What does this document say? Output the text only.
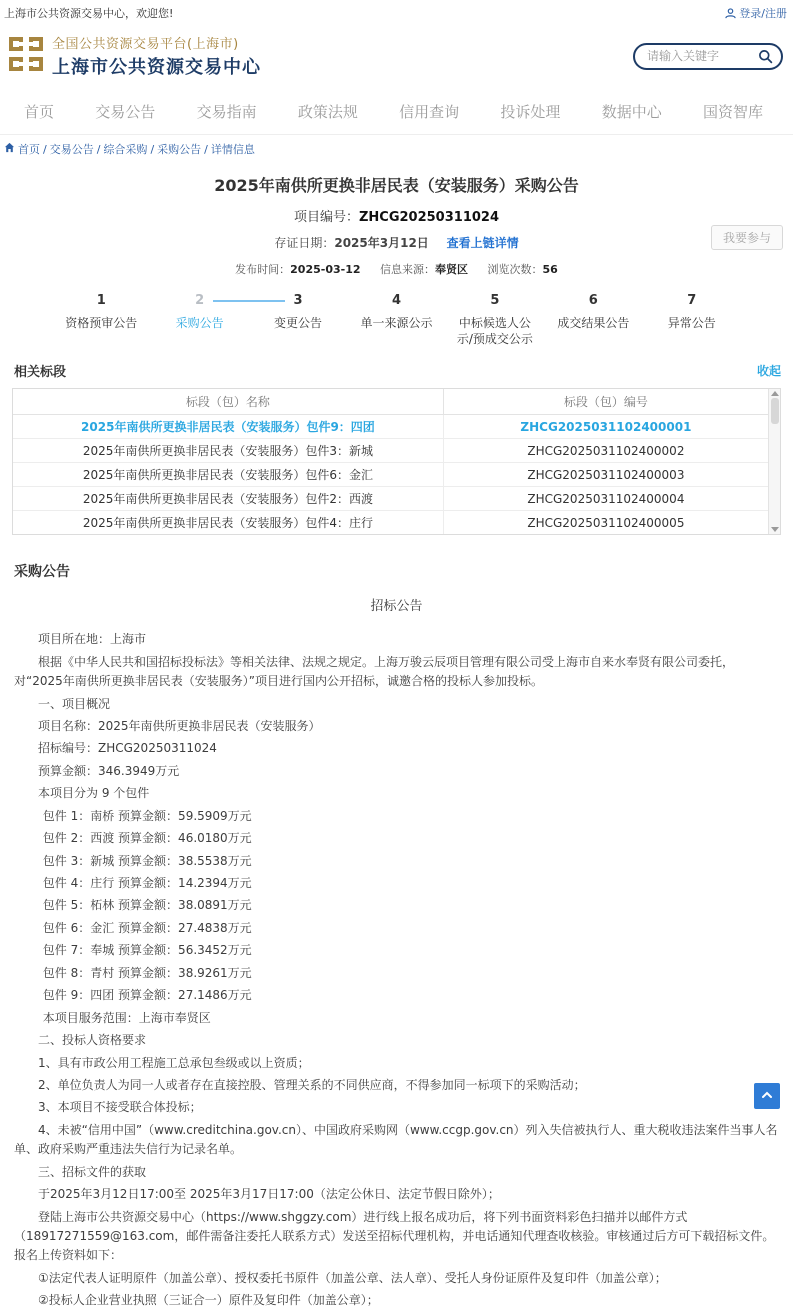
上海市公共资源交易中心，欢迎您!	登录/注册
全国公共资源交易平台(上海市)
上海市公共资源交易中心
请输入关键字
首页	交易公告	交易指南	政策法规	信用查询	投诉处理	数据中心	国资智库
首页 / 交易公告 / 综合采购 / 采购公告 / 详情信息
2025年南供所更换非居民表（安装服务）采购公告
项目编号：ZHCG20250311024
存证日期：2025年3月12日 查看上链详情
发布时间：2025-03-12 信息来源：奉贤区 浏览次数：56
我要参与
1
资格预审公告
2
采购公告
3
变更公告
4
单一来源公示
5
中标候选人公示/预成交公示
6
成交结果公告
7
异常公告
相关标段	收起
标段（包）名称	标段（包）编号
2025年南供所更换非居民表（安装服务）包件9：四团	ZHCG2025031102400001
2025年南供所更换非居民表（安装服务）包件3：新城	ZHCG2025031102400002
2025年南供所更换非居民表（安装服务）包件6：金汇	ZHCG2025031102400003
2025年南供所更换非居民表（安装服务）包件2：西渡	ZHCG2025031102400004
2025年南供所更换非居民表（安装服务）包件4：庄行	ZHCG2025031102400005
采购公告
招标公告

项目所在地：上海市

根据《中华人民共和国招标投标法》等相关法律、法规之规定。上海万骏云辰项目管理有限公司受上海市自来水奉贤有限公司委托，对“2025年南供所更换非居民表（安装服务）”项目进行国内公开招标，诚邀合格的投标人参加投标。

一、项目概况

项目名称：2025年南供所更换非居民表（安装服务）

招标编号：ZHCG20250311024

预算金额：346.3949万元

本项目分为 9 个包件

包件 1：南桥 预算金额：59.5909万元

包件 2：西渡 预算金额：46.0180万元

包件 3：新城 预算金额：38.5538万元

包件 4：庄行 预算金额：14.2394万元

包件 5：柘林 预算金额：38.0891万元

包件 6：金汇 预算金额：27.4838万元

包件 7：奉城 预算金额：56.3452万元

包件 8：青村 预算金额：38.9261万元

包件 9：四团 预算金额：27.1486万元

本项目服务范围：上海市奉贤区

二、投标人资格要求

1、具有市政公用工程施工总承包叁级或以上资质；

2、单位负责人为同一人或者存在直接控股、管理关系的不同供应商，不得参加同一标项下的采购活动；

3、本项目不接受联合体投标；

4、未被“信用中国”（www.creditchina.gov.cn）、中国政府采购网（www.ccgp.gov.cn）列入失信被执行人、重大税收违法案件当事人名单、政府采购严重违法失信行为记录名单。

三、招标文件的获取

于2025年3月12日17:00至 2025年3月17日17:00（法定公休日、法定节假日除外）；

登陆上海市公共资源交易中心（https://www.shggzy.com）进行线上报名成功后，将下列书面资料彩色扫描并以邮件方式（18917271559@163.com，邮件需备注委托人联系方式）发送至招标代理机构，并电话通知代理查收核验。审核通过后方可下载招标文件。报名上传资料如下：

①法定代表人证明原件（加盖公章）、授权委托书原件（加盖公章、法人章）、受托人身份证原件及复印件（加盖公章）；

②投标人企业营业执照（三证合一）原件及复印件（加盖公章）；
